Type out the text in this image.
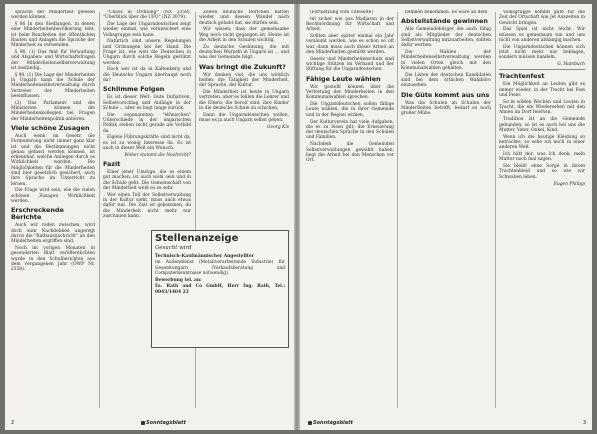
sprache der Minderheit gelesen werden können.

§ 86 In den Siedlungen, in denen eine Minderheitenbevölkerung lebt, ist beim Bearbeiten der öffentlichen Bauten und Anlagen die Sprache der Minderheit zu verwenden.

§ 96. (1) Das Amt für Verwaltung und Abgaben- und Wirtschaftsfragen der Minderheitenselbstverwaltung ist zuständig.

§ 98. (1) Die Lage der Minderheiten in Ungarn kann die Schule der Minderheitenselbstverwaltung durch Vertreter der Minderheiten beeinflussen.

(2) Das Parlament und die Ministerien können die Minderheitenkollegien bei Fragen der Minderheitenpolitik anhören.

Viele schöne Zusagen

Auch wenn im Gesetz die Formulierung nicht immer ganz klar ist und die Bestimmungen nicht genau gefasst werden können, ist erkennbar, welche Anliegen durch es Wirklichkeit werden. Die Möglichkeiten für die Minderheiten sind hier gesetzlich gesichert, auch ihre Sprache im Unterricht zu lernen.

Die Frage wird sein, wie die vielen schönen Zusagen Wirklichkeit werden.

Erschreckende Berichte

Auch wir reden zwischen, wird doch zum Nachdenken angeregt durch die "Rathausnachricht" an den Minderheiten ergriffen sind.

Noch im vorigen Monaten in gesonderten Blatt veröffentlichten wurde in den Schulberichten aus dem vergangenen Jahr (ÖWP Nr. 2358).

"Chaos in Ordnung" (NZ 2358), "Überblick über die UFO" (NZ 3079).

Die Lage der Ungarndeutschen zeigt wieder einmal, wie verunsichert eine Volksgruppe sein kann.

Natürlich sind unsere Regelungen und Ordnungen bei der Hand. Die Frage ist, wie weit die Deutschen in Ungarn durch solche Regeln gestützt werden.

Doch wer ist da in Kaltenberg und die Deutsche Ungarn überhaupt noch da?

Schlimme Folgen

Es ist dieser Welt: Gute Initiativen, Selbstvorschlag und Anfänge in der Schule ... aber es liegt lange zurück.

Die sogenannten "ethnischen" Unterschiede in der ungarischen Politik stehen nicht gerade als Vorbild da.

Eigene Führungskräfte sind nicht da, es ist zu wenig Interesse da. Es ist auch in dieser Welt ein Wunsch.

Woher stammt die Nachricht?

Fazit

Einer jener Umzüge, die es einem gut machen, ist auch wohl sein und in die Schule geht. Die Gemeinschaft von der Minderheit weiß es zu sehr.

Wer einen Teil der Selbstverwaltung in der Kultur sieht, muss auch etwas dafür tun. Die Zeit ist gekommen, da die Minderheit nicht mehr nur zuschauen kann.

Zeiten deutsche Dörfchen hatten wieder und dessen Wandel nach deutsch gehabt hat, sie dürfen sein.

Wir wissen, dass der gemeinsame Weg noch nicht gegangen ist. Heute ist die Arbeit in den Schulen wichtig.

Zu deutsche Gesinnung, die mit deutschen Wurzeln in Ungarn ist ... und was der Gemeinde folgt.

Was bringt die Zukunft?

Wir denken viel, die uns wirklich helfen: die Tätigkeit der Minderheit, der Sprache, der Kultur.

Die Minderheit ist heute in Ungarn vertreten, aber es fehlen die Lehrer und die Eltern, die bereit sind, ihre Kinder in die deutsche Schule zu schicken.

Dann die Ungarndeutschen wollen, muss es ja auch Ungarn selbst geben.

Georg Kis

Stellenanzeige
Gesucht wird

Technisch-Kaufmännischer Angestellter

im Außendienst (Metallverarbeitende Industrie) für Gesamtungarn (Verkaufsberatung und Computerkenntnisse notwendig).

Bewerbung tel. an:

Fa. Rath and Co GmbH, Herr Ing. Rath, Tel.: 0043/1404 23

2	Sonntagsblatt

(Fortsetzung vom Titelseite)

tel sicher wie aus Madjaren in der Rechtsordnung für Wirtschaft und Arbeit.

Sollten aber später einmal ein Jahr versäumt werden, wie es schon so oft war, dann muss auch dieser Arbeit an den Minderheiten gestärkt werden.

Gesetz und Minderheitenschutz sind wichtige Stützen im Verband und der Stiftung für die Ungarndeutschen.

Fähige Leute wählen

Wir gestellt können über die Vertretung der Minderheiten in den Kommunalwahlen sprechen.

Die Ungarndeutschen sollen fähige Leute wählen, die in ihrer Gemeinde und in der Region wirken.

Der Kulturverein hat viele Aufgaben, die es zu lösen gilt; die Erneuerung der deutschen Sprache in den Schulen und Familien.

Nachdem die Gemeinden Selbstverwaltungen gewählt haben, liegt die Arbeit bei den Menschen vor Ort.

nehmen bekommen. Es wäre an dem

Abstellstände gewinnen

Alle Gemeindebürger die auch fähig sind als Mitglieder der deutschen Selbstverwaltung mitzuarbeiten, sollten dafür werben.

Die Wahlen der Minderheitenselbstverwaltung werden in vielen Orten gleich mit den Kommunalwahlen gehalten.

Die Listen der deutschen Kandidaten sind bei dem örtlichen Wahlbüro einzusehen.

Die Güte kommt aus uns

Was die Schulen an Schulen der Minderheiten betrifft, bedarf es noch großer Mühe.

Volksgruppe kommt gute für die Zeit der Ortschaft wie Jet Auszeiten in Gewicht bringen.

Das Spiel ist nicht leicht. Wir müssen es gemeinsam tun und uns nicht von anderen abhängig machen.

Die Ungarndeutschen können sich jetzt nicht mehr nur beklagen, sondern müssen handeln.

G. Hainbuch

Trachtenfest

Ein Möglichkeit an Leuten gibt es immer wieder, in der Tracht bei Fest und Feier.

So in wilden Wochen und Leuten in Tracht, die ein Wiedersehen mit den Ahnen im Dorf feierten.

Tradition ist an die Gemeinde gebunden; so ist es auch bei uns die Mutter, Vater, Onkel, Kind.

Wenn ich die heutige Kleidung so betrachte, so sehe ich mich in einer anderen Welt.

Ich hätt mir, was ich denk, mein Mutter noch mal sagen.

Sie bleibt ohne Sorge in ihrem Trachtenkleid und so wie wir Schwaben leben.

Eugen Philipp

Sonntagsblatt	3
